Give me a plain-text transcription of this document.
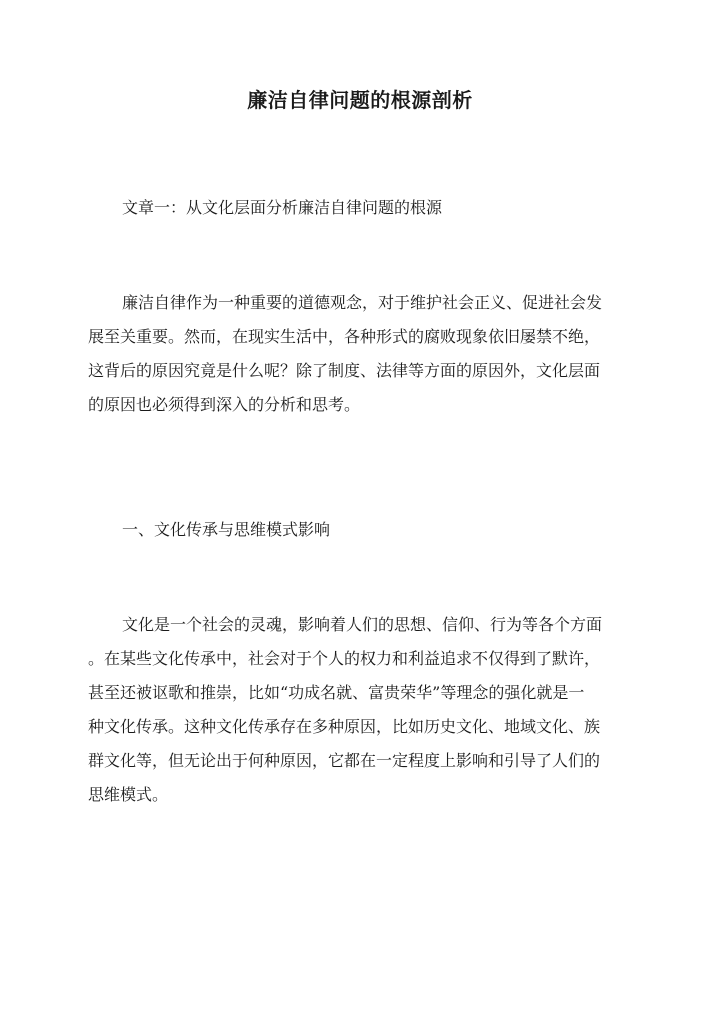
廉洁自律问题的根源剖析
文章一：从文化层面分析廉洁自律问题的根源
廉洁自律作为一种重要的道德观念，对于维护社会正义、促进社会发
展至关重要。然而，在现实生活中，各种形式的腐败现象依旧屡禁不绝，
这背后的原因究竟是什么呢？除了制度、法律等方面的原因外，文化层面
的原因也必须得到深入的分析和思考。
一、文化传承与思维模式影响
文化是一个社会的灵魂，影响着人们的思想、信仰、行为等各个方面
。在某些文化传承中，社会对于个人的权力和利益追求不仅得到了默许，
甚至还被讴歌和推崇，比如“功成名就、富贵荣华”等理念的强化就是一
种文化传承。这种文化传承存在多种原因，比如历史文化、地域文化、族
群文化等，但无论出于何种原因，它都在一定程度上影响和引导了人们的
思维模式。
